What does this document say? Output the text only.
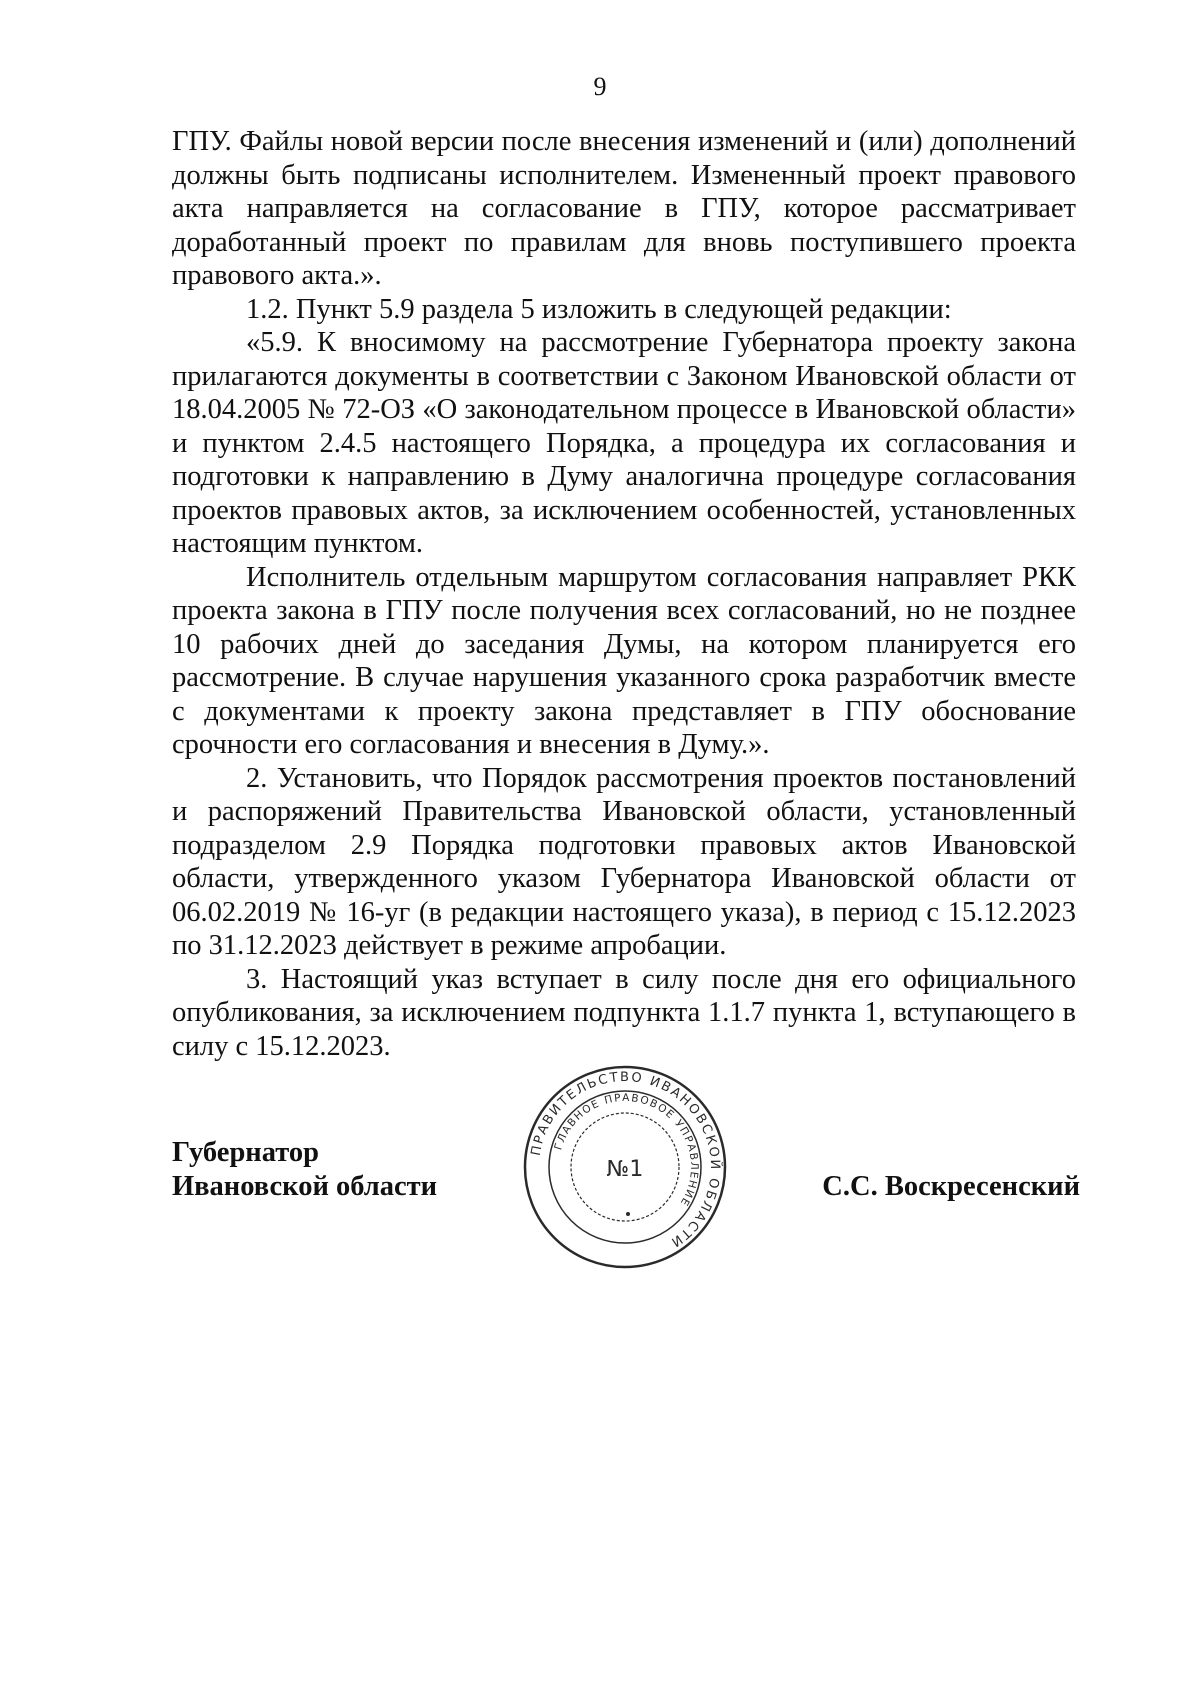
9

ГПУ. Файлы новой версии после внесения изменений и (или) дополнений должны быть подписаны исполнителем. Измененный проект правового акта направляется на согласование в ГПУ, которое рассматривает доработанный проект по правилам для вновь поступившего проекта правового акта.».

1.2. Пункт 5.9 раздела 5 изложить в следующей редакции:

«5.9. К вносимому на рассмотрение Губернатора проекту закона прилагаются документы в соответствии с Законом Ивановской области от 18.04.2005 № 72-ОЗ «О законодательном процессе в Ивановской области» и пунктом 2.4.5 настоящего Порядка, а процедура их согласования и подготовки к направлению в Думу аналогична процедуре согласования проектов правовых актов, за исключением особенностей, установленных настоящим пунктом.

Исполнитель отдельным маршрутом согласования направляет РКК проекта закона в ГПУ после получения всех согласований, но не позднее 10 рабочих дней до заседания Думы, на котором планируется его рассмотрение. В случае нарушения указанного срока разработчик вместе с документами к проекту закона представляет в ГПУ обоснование срочности его согласования и внесения в Думу.».

2. Установить, что Порядок рассмотрения проектов постановлений и распоряжений Правительства Ивановской области, установленный подразделом 2.9 Порядка подготовки правовых актов Ивановской области, утвержденного указом Губернатора Ивановской области от 06.02.2019 № 16-уг (в редакции настоящего указа), в период с 15.12.2023 по 31.12.2023 действует в режиме апробации.

3. Настоящий указ вступает в силу после дня его официального опубликования, за исключением подпункта 1.1.7 пункта 1, вступающего в силу с 15.12.2023.

Губернатор
Ивановской области
ПРАВИТЕЛЬСТВО ИВАНОВСКОЙ ОБЛАСТИ
ГЛАВНОЕ ПРАВОВОЕ УПРАВЛЕНИЕ
№1
С.С. Воскресенский
